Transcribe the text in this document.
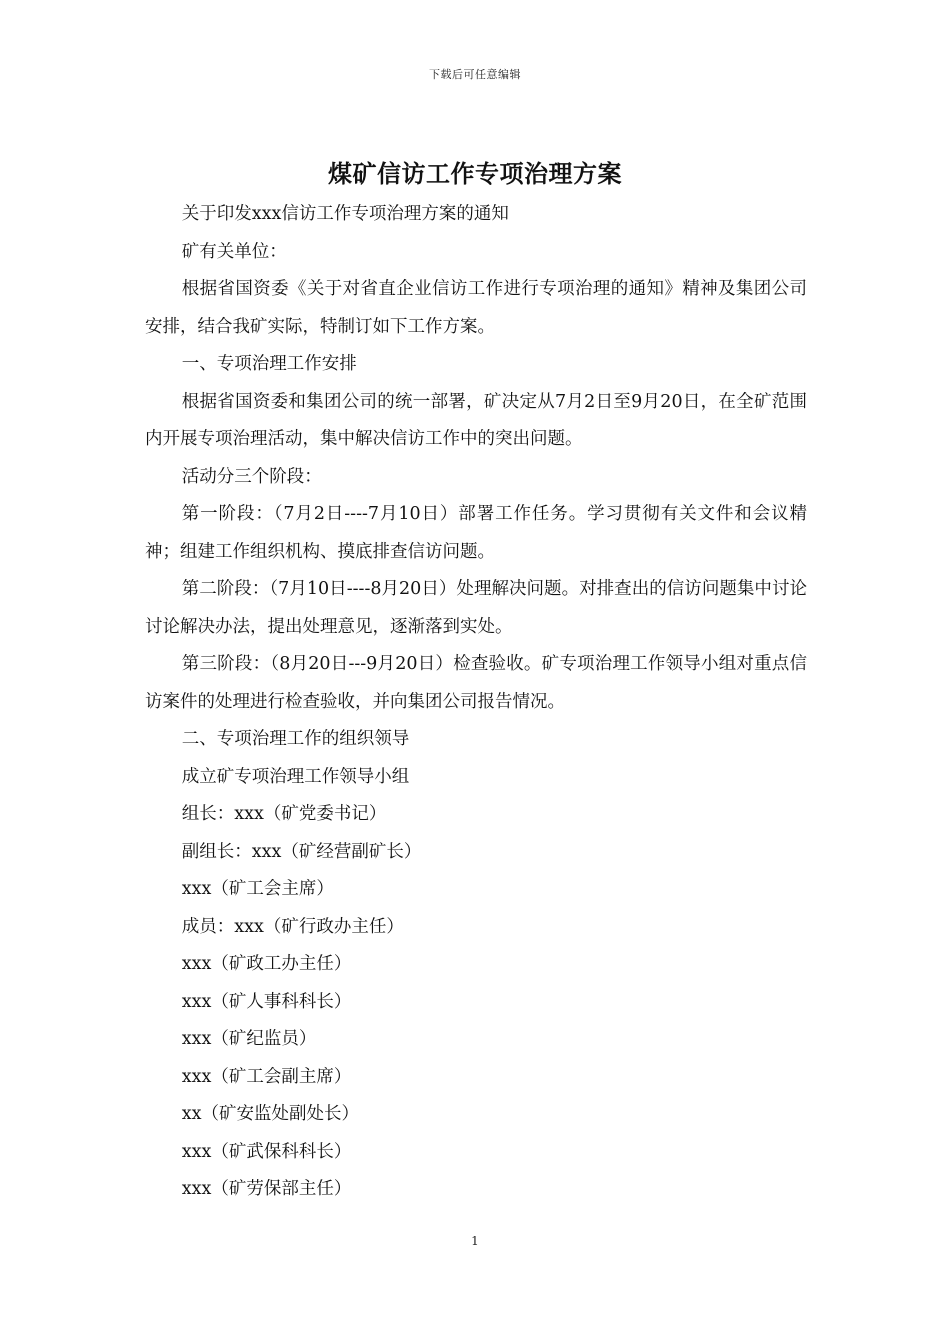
下载后可任意编辑
煤矿信访工作专项治理方案

关于印发xxx信访工作专项治理方案的通知

矿有关单位：

根据省国资委《关于对省直企业信访工作进行专项治理的通知》精神及集团公司安排，结合我矿实际，特制订如下工作方案。

一、专项治理工作安排

根据省国资委和集团公司的统一部署，矿决定从7月2日至9月20日，在全矿范围内开展专项治理活动，集中解决信访工作中的突出问题。

活动分三个阶段：

第一阶段：（7月2日----7月10日）部署工作任务。学习贯彻有关文件和会议精神；组建工作组织机构、摸底排查信访问题。

第二阶段：（7月10日----8月20日）处理解决问题。对排查出的信访问题集中讨论讨论解决办法，提出处理意见，逐渐落到实处。

第三阶段：（8月20日---9月20日）检查验收。矿专项治理工作领导小组对重点信访案件的处理进行检查验收，并向集团公司报告情况。

二、专项治理工作的组织领导

成立矿专项治理工作领导小组

组长：xxx（矿党委书记）

副组长：xxx（矿经营副矿长）

xxx（矿工会主席）

成员：xxx（矿行政办主任）

xxx（矿政工办主任）

xxx（矿人事科科长）

xxx（矿纪监员）

xxx（矿工会副主席）

xx（矿安监处副处长）

xxx（矿武保科科长）

xxx（矿劳保部主任）

1
